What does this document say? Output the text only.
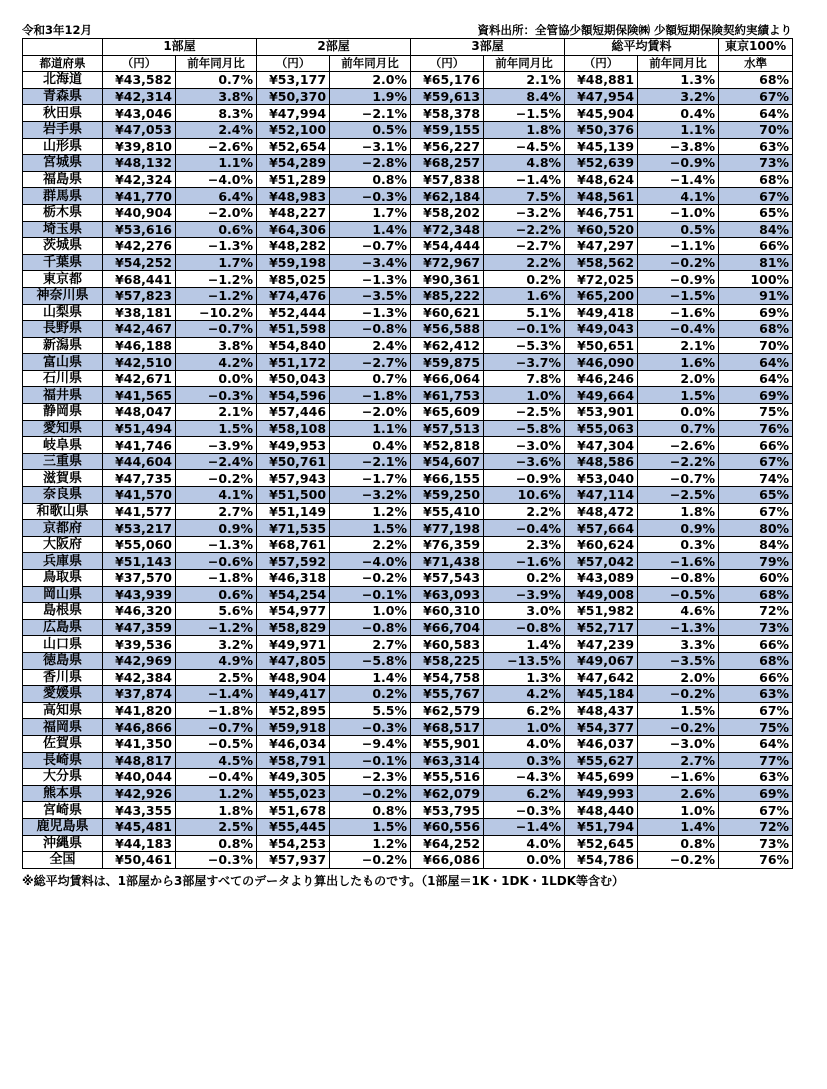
令和3年12月	資料出所：全管協少額短期保険㈱ 少額短期保険契約実績より
	1部屋		2部屋		3部屋		総平均賃料		東京100%
都道府県	（円）	前年同月比	（円）	前年同月比	（円）	前年同月比	（円）	前年同月比	水準
北海道	¥43,582	0.7%	¥53,177	2.0%	¥65,176	2.1%	¥48,881	1.3%	68%
青森県	¥42,314	3.8%	¥50,370	1.9%	¥59,613	8.4%	¥47,954	3.2%	67%
秋田県	¥43,046	8.3%	¥47,994	−2.1%	¥58,378	−1.5%	¥45,904	0.4%	64%
岩手県	¥47,053	2.4%	¥52,100	0.5%	¥59,155	1.8%	¥50,376	1.1%	70%
山形県	¥39,810	−2.6%	¥52,654	−3.1%	¥56,227	−4.5%	¥45,139	−3.8%	63%
宮城県	¥48,132	1.1%	¥54,289	−2.8%	¥68,257	4.8%	¥52,639	−0.9%	73%
福島県	¥42,324	−4.0%	¥51,289	0.8%	¥57,838	−1.4%	¥48,624	−1.4%	68%
群馬県	¥41,770	6.4%	¥48,983	−0.3%	¥62,184	7.5%	¥48,561	4.1%	67%
栃木県	¥40,904	−2.0%	¥48,227	1.7%	¥58,202	−3.2%	¥46,751	−1.0%	65%
埼玉県	¥53,616	0.6%	¥64,306	1.4%	¥72,348	−2.2%	¥60,520	0.5%	84%
茨城県	¥42,276	−1.3%	¥48,282	−0.7%	¥54,444	−2.7%	¥47,297	−1.1%	66%
千葉県	¥54,252	1.7%	¥59,198	−3.4%	¥72,967	2.2%	¥58,562	−0.2%	81%
東京都	¥68,441	−1.2%	¥85,025	−1.3%	¥90,361	0.2%	¥72,025	−0.9%	100%
神奈川県	¥57,823	−1.2%	¥74,476	−3.5%	¥85,222	1.6%	¥65,200	−1.5%	91%
山梨県	¥38,181	−10.2%	¥52,444	−1.3%	¥60,621	5.1%	¥49,418	−1.6%	69%
長野県	¥42,467	−0.7%	¥51,598	−0.8%	¥56,588	−0.1%	¥49,043	−0.4%	68%
新潟県	¥46,188	3.8%	¥54,840	2.4%	¥62,412	−5.3%	¥50,651	2.1%	70%
富山県	¥42,510	4.2%	¥51,172	−2.7%	¥59,875	−3.7%	¥46,090	1.6%	64%
石川県	¥42,671	0.0%	¥50,043	0.7%	¥66,064	7.8%	¥46,246	2.0%	64%
福井県	¥41,565	−0.3%	¥54,596	−1.8%	¥61,753	1.0%	¥49,664	1.5%	69%
静岡県	¥48,047	2.1%	¥57,446	−2.0%	¥65,609	−2.5%	¥53,901	0.0%	75%
愛知県	¥51,494	1.5%	¥58,108	1.1%	¥57,513	−5.8%	¥55,063	0.7%	76%
岐阜県	¥41,746	−3.9%	¥49,953	0.4%	¥52,818	−3.0%	¥47,304	−2.6%	66%
三重県	¥44,604	−2.4%	¥50,761	−2.1%	¥54,607	−3.6%	¥48,586	−2.2%	67%
滋賀県	¥47,735	−0.2%	¥57,943	−1.7%	¥66,155	−0.9%	¥53,040	−0.7%	74%
奈良県	¥41,570	4.1%	¥51,500	−3.2%	¥59,250	10.6%	¥47,114	−2.5%	65%
和歌山県	¥41,577	2.7%	¥51,149	1.2%	¥55,410	2.2%	¥48,472	1.8%	67%
京都府	¥53,217	0.9%	¥71,535	1.5%	¥77,198	−0.4%	¥57,664	0.9%	80%
大阪府	¥55,060	−1.3%	¥68,761	2.2%	¥76,359	2.3%	¥60,624	0.3%	84%
兵庫県	¥51,143	−0.6%	¥57,592	−4.0%	¥71,438	−1.6%	¥57,042	−1.6%	79%
鳥取県	¥37,570	−1.8%	¥46,318	−0.2%	¥57,543	0.2%	¥43,089	−0.8%	60%
岡山県	¥43,939	0.6%	¥54,254	−0.1%	¥63,093	−3.9%	¥49,008	−0.5%	68%
島根県	¥46,320	5.6%	¥54,977	1.0%	¥60,310	3.0%	¥51,982	4.6%	72%
広島県	¥47,359	−1.2%	¥58,829	−0.8%	¥66,704	−0.8%	¥52,717	−1.3%	73%
山口県	¥39,536	3.2%	¥49,971	2.7%	¥60,583	1.4%	¥47,239	3.3%	66%
徳島県	¥42,969	4.9%	¥47,805	−5.8%	¥58,225	−13.5%	¥49,067	−3.5%	68%
香川県	¥42,384	2.5%	¥48,904	1.4%	¥54,758	1.3%	¥47,642	2.0%	66%
愛媛県	¥37,874	−1.4%	¥49,417	0.2%	¥55,767	4.2%	¥45,184	−0.2%	63%
高知県	¥41,820	−1.8%	¥52,895	5.5%	¥62,579	6.2%	¥48,437	1.5%	67%
福岡県	¥46,866	−0.7%	¥59,918	−0.3%	¥68,517	1.0%	¥54,377	−0.2%	75%
佐賀県	¥41,350	−0.5%	¥46,034	−9.4%	¥55,901	4.0%	¥46,037	−3.0%	64%
長崎県	¥48,817	4.5%	¥58,791	−0.1%	¥63,314	0.3%	¥55,627	2.7%	77%
大分県	¥40,044	−0.4%	¥49,305	−2.3%	¥55,516	−4.3%	¥45,699	−1.6%	63%
熊本県	¥42,926	1.2%	¥55,023	−0.2%	¥62,079	6.2%	¥49,993	2.6%	69%
宮崎県	¥43,355	1.8%	¥51,678	0.8%	¥53,795	−0.3%	¥48,440	1.0%	67%
鹿児島県	¥45,481	2.5%	¥55,445	1.5%	¥60,556	−1.4%	¥51,794	1.4%	72%
沖縄県	¥44,183	0.8%	¥54,253	1.2%	¥64,252	4.0%	¥52,645	0.8%	73%
全国	¥50,461	−0.3%	¥57,937	−0.2%	¥66,086	0.0%	¥54,786	−0.2%	76%
※総平均賃料は、1部屋から3部屋すべてのデータより算出したものです。（1部屋＝1K・1DK・1LDK等含む）
